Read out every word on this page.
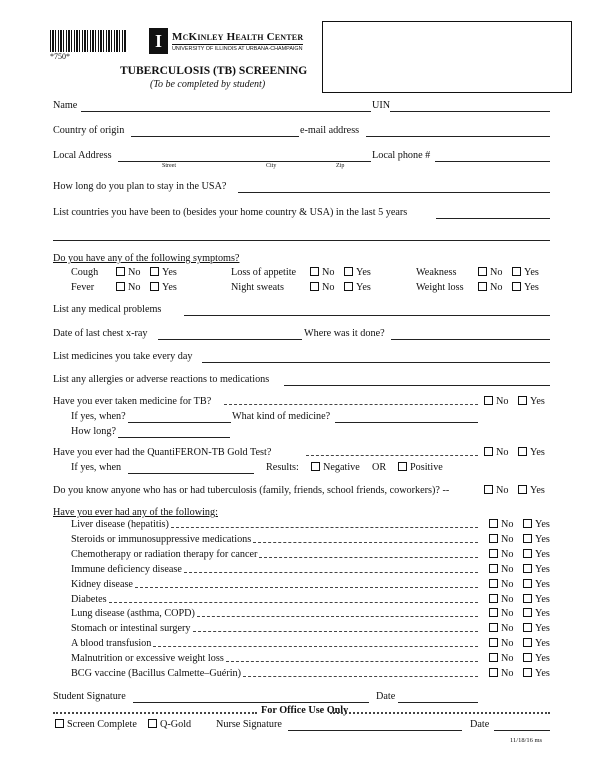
*750*
I McKinley Health Center
UNIVERSITY OF ILLINOIS AT URBANA-CHAMPAIGN
TUBERCULOSIS (TB) SCREENING
(To be completed by student)
Name	UIN
Country of origin	e-mail address
Local Address
Street	City	Zip
Local phone #
How long do you plan to stay in the USA?
List countries you have been to (besides your home country & USA) in the last 5 years
Do you have any of the following symptoms?
Cough	No	Yes	Loss of appetite	No	Yes	Weakness	No	Yes
Fever	No	Yes	Night sweats	No	Yes	Weight loss	No	Yes
List any medical problems
Date of last chest x-ray	Where was it done?
List medicines you take every day
List any allergies or adverse reactions to medications
Have you ever taken medicine for TB?	No	Yes
If yes, when?	What kind of medicine?
How long?
Have you ever had the QuantiFERON-TB Gold Test?	No	Yes
If yes, when	Results:	Negative OR	Positive
Do you know anyone who has or had tuberculosis (family, friends, school friends, coworkers)? --	No	Yes
Have you ever had any of the following:
Liver disease (hepatitis)	No	Yes
Steroids or immunosuppressive medications	No	Yes
Chemotherapy or radiation therapy for cancer	No	Yes
Immune deficiency disease	No	Yes
Kidney disease	No	Yes
Diabetes	No	Yes
Lung disease (asthma, COPD)	No	Yes
Stomach or intestinal surgery	No	Yes
A blood transfusion	No	Yes
Malnutrition or excessive weight loss	No	Yes
BCG vaccine (Bacillus Calmette–Guérin)	No	Yes
Student Signature	Date
For Office Use Only
Screen Complete	Q-Gold Nurse Signature	Date
11/18/16 ms
